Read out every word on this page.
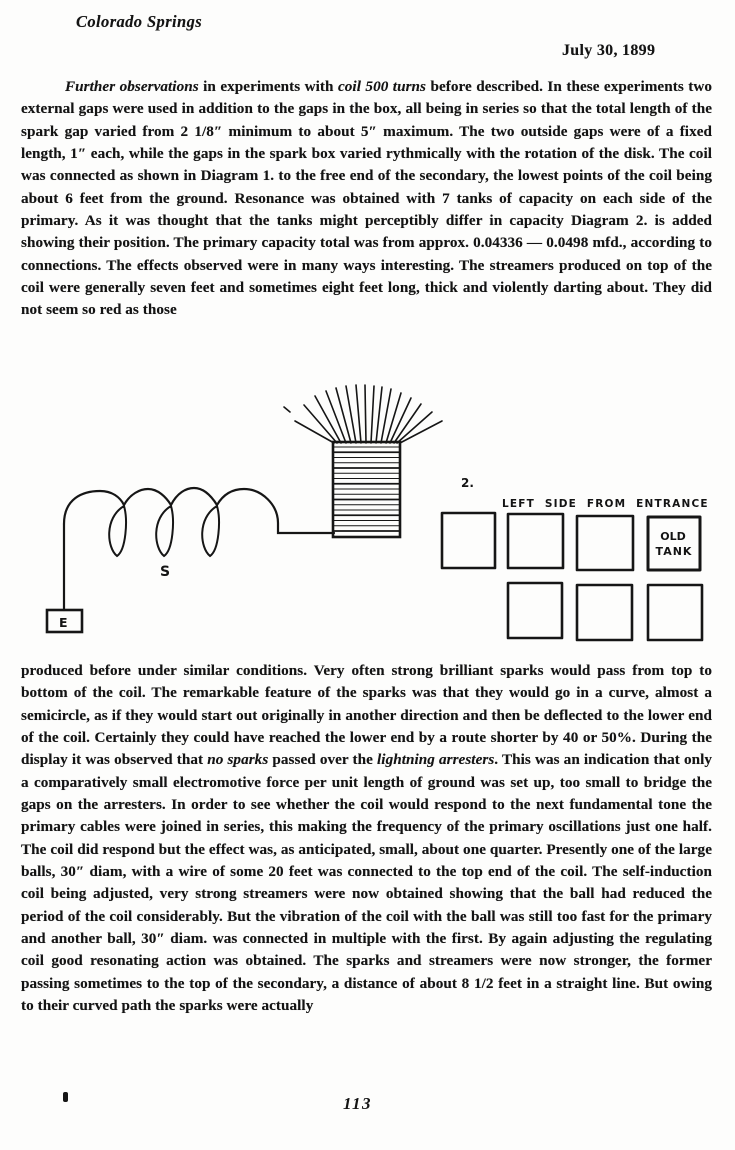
Colorado Springs
July 30, 1899
Further observations in experiments with coil 500 turns before described. In these experiments two external gaps were used in addition to the gaps in the box, all being in series so that the total length of the spark gap varied from 2 1/8″ minimum to about 5″ maximum. The two outside gaps were of a fixed length, 1″ each, while the gaps in the spark box varied rythmically with the rotation of the disk. The coil was connected as shown in Diagram 1. to the free end of the secondary, the lowest points of the coil being about 6 feet from the ground. Resonance was obtained with 7 tanks of capacity on each side of the primary. As it was thought that the tanks might perceptibly differ in capacity Diagram 2. is added showing their position. The primary capacity total was from approx. 0.04336 — 0.0498 mfd., according to connections. The effects observed were in many ways interesting. The streamers produced on top of the coil were generally seven feet and sometimes eight feet long, thick and violently darting about. They did not seem so red as those
S
E
2.
LEFT SIDE FROM ENTRANCE
OLD
TANK
produced before under similar conditions. Very often strong brilliant sparks would pass from top to bottom of the coil. The remarkable feature of the sparks was that they would go in a curve, almost a semicircle, as if they would start out originally in another direction and then be deflected to the lower end of the coil. Certainly they could have reached the lower end by a route shorter by 40 or 50%. During the display it was observed that no sparks passed over the lightning arresters. This was an indication that only a comparatively small electromotive force per unit length of ground was set up, too small to bridge the gaps on the arresters. In order to see whether the coil would respond to the next fundamental tone the primary cables were joined in series, this making the frequency of the primary oscillations just one half. The coil did respond but the effect was, as anticipated, small, about one quarter. Presently one of the large balls, 30″ diam, with a wire of some 20 feet was connected to the top end of the coil. The self-induction coil being adjusted, very strong streamers were now obtained showing that the ball had reduced the period of the coil considerably. But the vibration of the coil with the ball was still too fast for the primary and another ball, 30″ diam. was connected in multiple with the first. By again adjusting the regulating coil good resonating action was obtained. The sparks and streamers were now stronger, the former passing sometimes to the top of the secondary, a distance of about 8 1/2 feet in a straight line. But owing to their curved path the sparks were actually
113
